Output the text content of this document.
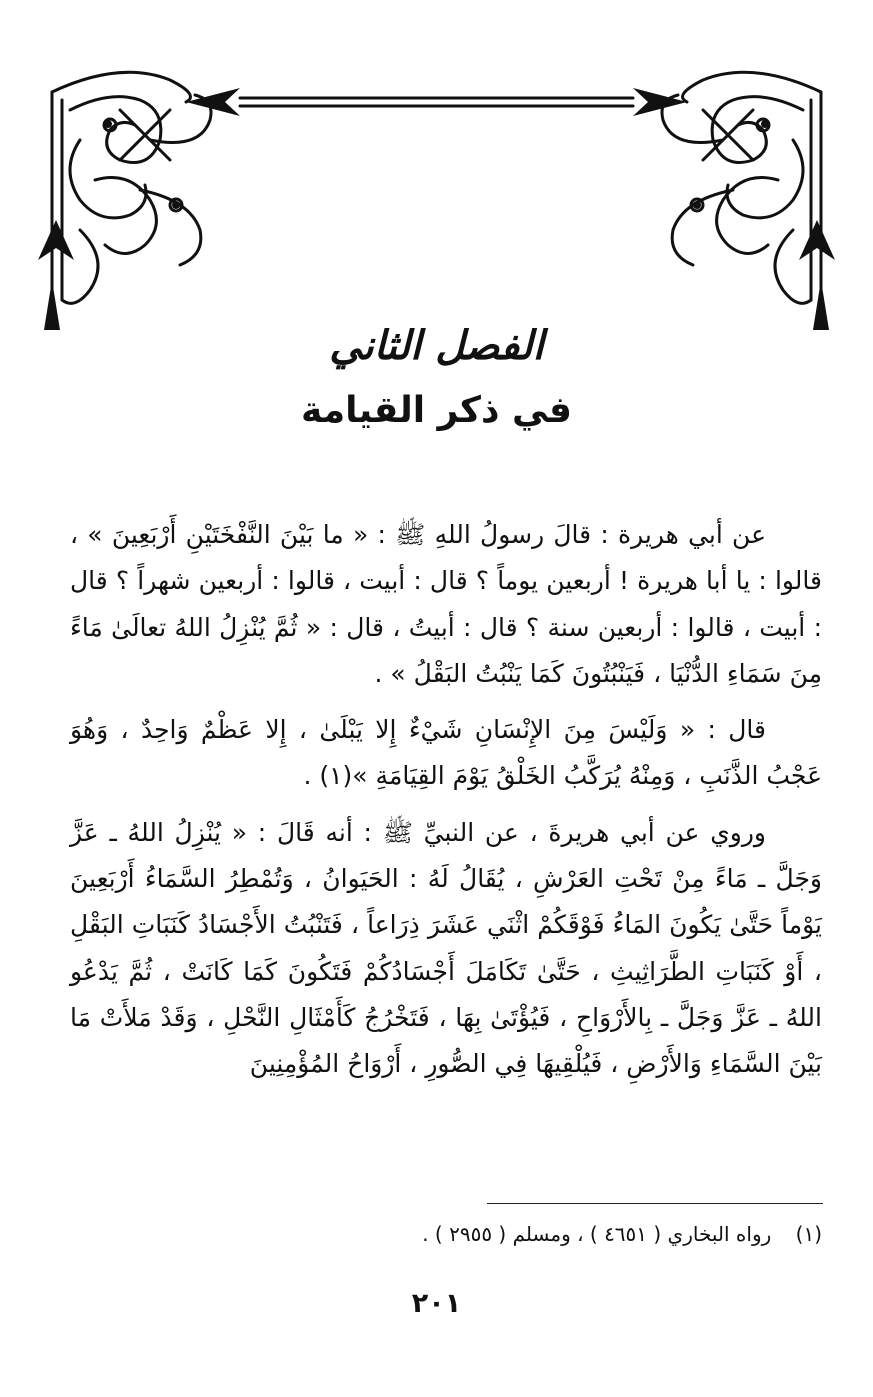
الفصل الثاني
في ذكر القيامة

عن أبي هريرة : قالَ رسولُ اللهِ ﷺ : « ما بَيْنَ النَّفْخَتَيْنِ أَرْبَعِينَ » ، قالوا : يا أبا هريرة ! أربعين يوماً ؟ قال : أبيت ، قالوا : أربعين شهراً ؟ قال : أبيت ، قالوا : أربعين سنة ؟ قال : أبيتُ ، قال : « ثُمَّ يُنْزِلُ اللهُ تعالَىٰ مَاءً مِنَ سَمَاءِ الدُّنْيَا ، فَيَنْبُتُونَ كَمَا يَنْبُتُ البَقْلُ » .

قال : « وَلَيْسَ مِنَ الإِنْسَانِ شَيْءٌ إِلا يَبْلَىٰ ، إِلا عَظْمٌ وَاحِدٌ ، وَهُوَ عَجْبُ الذَّنَبِ ، وَمِنْهُ يُرَكَّبُ الخَلْقُ يَوْمَ القِيَامَةِ »(١) .

وروي عن أبي هريرةَ ، عن النبيِّ ﷺ : أنه قَالَ : « يُنْزِلُ اللهُ ـ عَزَّ وَجَلَّ ـ مَاءً مِنْ تَحْتِ العَرْشِ ، يُقَالُ لَهُ : الحَيَوانُ ، وَتُمْطِرُ السَّمَاءُ أَرْبَعِينَ يَوْماً حَتَّىٰ يَكُونَ المَاءُ فَوْقَكُمْ اثْنَي عَشَرَ ذِرَاعاً ، فَتَنْبُتُ الأَجْسَادُ كَنَبَاتِ البَقْلِ ، أَوْ كَنَبَاتِ الطَّرَاثِيثِ ، حَتَّىٰ تَكَامَلَ أَجْسَادُكُمْ فَتَكُونَ كَمَا كَانَتْ ، ثُمَّ يَدْعُو اللهُ ـ عَزَّ وَجَلَّ ـ بِالأَرْوَاحِ ، فَيُؤْتَىٰ بِهَا ، فَتَخْرُجُ كَأَمْثَالِ النَّحْلِ ، وَقَدْ مَلأَتْ مَا بَيْنَ السَّمَاءِ وَالأَرْضِ ، فَيُلْقِيهَا فِي الصُّورِ ، أَرْوَاحُ المُؤْمِنِينَ

(١) رواه البخاري ( ٤٦٥١ ) ، ومسلم ( ٢٩٥٥ ) .
٢٠١
